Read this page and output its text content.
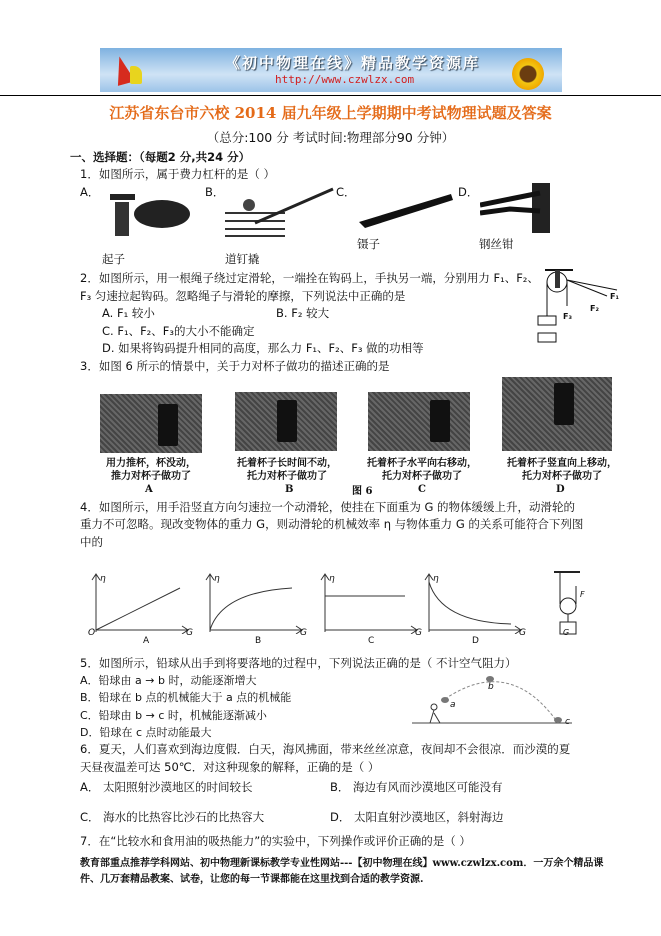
《初中物理在线》精品教学资源库
http://www.czwlzx.com
江苏省东台市六校 2014 届九年级上学期期中考试物理试题及答案
（总分:100 分 考试时间:物理部分90 分钟）
一、选择题：（每题2 分,共24 分）
1．如图所示，属于费力杠杆的是（ ）
A．	B．	C．	D．
镊子	钢丝钳
起子	道钉撬
2．如图所示，用一根绳子绕过定滑轮，一端拴在钩码上，手执另一端，分别用力 F₁、F₂、
F₃ 匀速拉起钩码。忽略绳子与滑轮的摩擦，下列说法中正确的是
A. F₁ 较小	B. F₂ 较大
C. F₁、F₂、F₃的大小不能确定
D. 如果将钩码提升相同的高度，那么力 F₁、F₂、F₃ 做的功相等
F₁
F₂
F₃
3．如图 6 所示的情景中，关于力对杯子做功的描述正确的是
用力推杯，杯没动，
推力对杯子做功了
托着杯子长时间不动，
托力对杯子做功了
托着杯子水平向右移动，
托力对杯子做功了
托着杯子竖直向上移动，
托力对杯子做功了
A	B	C	D
图 6
4．如图所示，用手沿竖直方向匀速拉一个动滑轮，使挂在下面重为 G 的物体缓缓上升，动滑轮的
重力不可忽略。现改变物体的重力 G，则动滑轮的机械效率 η 与物体重力 G 的关系可能符合下列图
中的
η	η	η	η
O	G	G	G	G
A	B	C	D
G
F
5．如图所示，铅球从出手到将要落地的过程中，下列说法正确的是（ 不计空气阻力）
A．铅球由 a → b 时，动能逐渐增大
B．铅球在 b 点的机械能大于 a 点的机械能
C．铅球由 b → c 时，机械能逐渐减小
D．铅球在 c 点时动能最大
a
b
c
6．夏天，人们喜欢到海边度假．白天，海风拂面，带来丝丝凉意，夜间却不会很凉．而沙漠的夏
天昼夜温差可达 50℃．对这种现象的解释，正确的是（ ）
A． 太阳照射沙漠地区的时间较长	B． 海边有风而沙漠地区可能没有
C． 海水的比热容比沙石的比热容大	D． 太阳直射沙漠地区，斜射海边
7．在“比较水和食用油的吸热能力”的实验中，下列操作或评价正确的是（ ）
教育部重点推荐学科网站、初中物理新课标教学专业性网站---【初中物理在线】www.czwlzx.com．一万余个精品课
件、几万套精品教案、试卷，让您的每一节课都能在这里找到合适的教学资源.
